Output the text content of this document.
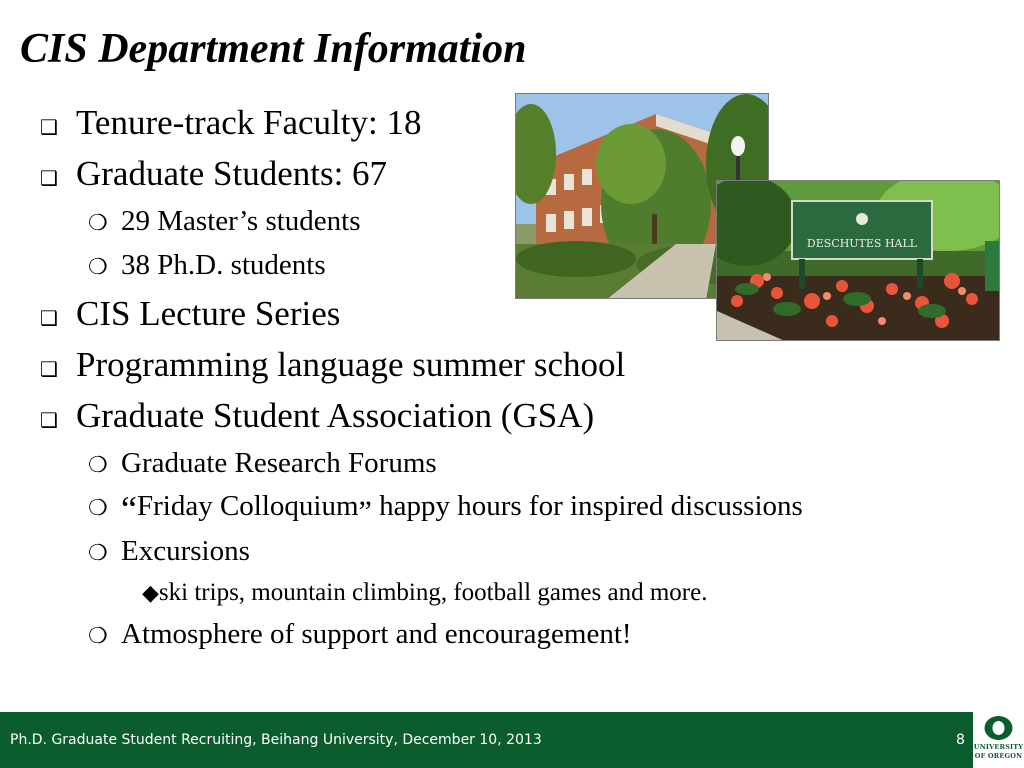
CIS Department Information
❑ Tenure-track Faculty: 18
❑ Graduate Students: 67
❍ 29 Master’s students
❍ 38 Ph.D. students
❑ CIS Lecture Series
❑ Programming language summer school
❑ Graduate Student Association (GSA)
❍ Graduate Research Forums
❍ “ Friday Colloquium ” happy hours for inspired discussions
❍ Excursions
◆ ski trips, mountain climbing, football games and more.
❍ Atmosphere of support and encouragement!
DESCHUTES HALL
Ph.D. Graduate Student Recruiting, Beihang University, December 10, 2013	8 UNIVERSITY
OF OREGON
